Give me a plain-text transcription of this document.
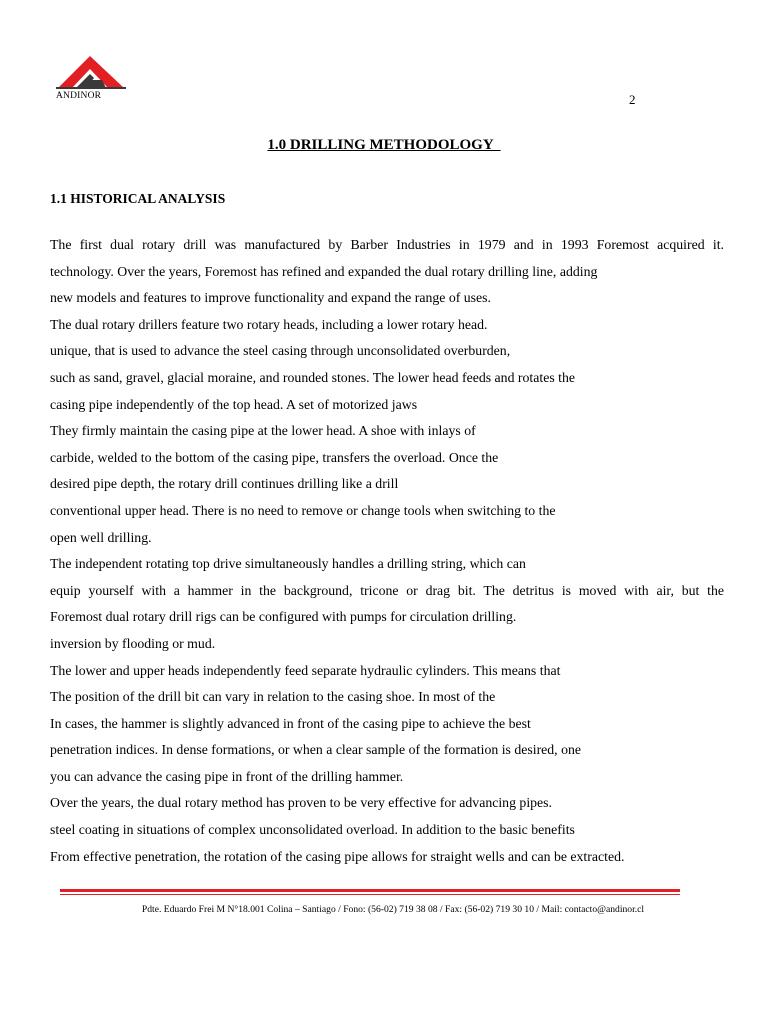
ANDINOR	2
1.0 DRILLING METHODOLOGY
1.1 HISTORICAL ANALYSIS
The first dual rotary drill was manufactured by Barber Industries in 1979 and in 1993 Foremost acquired it.
technology. Over the years, Foremost has refined and expanded the dual rotary drilling line, adding
new models and features to improve functionality and expand the range of uses.
The dual rotary drillers feature two rotary heads, including a lower rotary head.
unique, that is used to advance the steel casing through unconsolidated overburden,
such as sand, gravel, glacial moraine, and rounded stones. The lower head feeds and rotates the
casing pipe independently of the top head. A set of motorized jaws
They firmly maintain the casing pipe at the lower head. A shoe with inlays of
carbide, welded to the bottom of the casing pipe, transfers the overload. Once the
desired pipe depth, the rotary drill continues drilling like a drill
conventional upper head. There is no need to remove or change tools when switching to the
open well drilling.
The independent rotating top drive simultaneously handles a drilling string, which can
equip yourself with a hammer in the background, tricone or drag bit. The detritus is moved with air, but the
Foremost dual rotary drill rigs can be configured with pumps for circulation drilling.
inversion by flooding or mud.
The lower and upper heads independently feed separate hydraulic cylinders. This means that
The position of the drill bit can vary in relation to the casing shoe. In most of the
In cases, the hammer is slightly advanced in front of the casing pipe to achieve the best
penetration indices. In dense formations, or when a clear sample of the formation is desired, one
you can advance the casing pipe in front of the drilling hammer.
Over the years, the dual rotary method has proven to be very effective for advancing pipes.
steel coating in situations of complex unconsolidated overload. In addition to the basic benefits
From effective penetration, the rotation of the casing pipe allows for straight wells and can be extracted.
Pdte. Eduardo Frei M N°18.001 Colina – Santiago / Fono: (56-02) 719 38 08 / Fax: (56-02) 719 30 10 / Mail: contacto@andinor.cl
